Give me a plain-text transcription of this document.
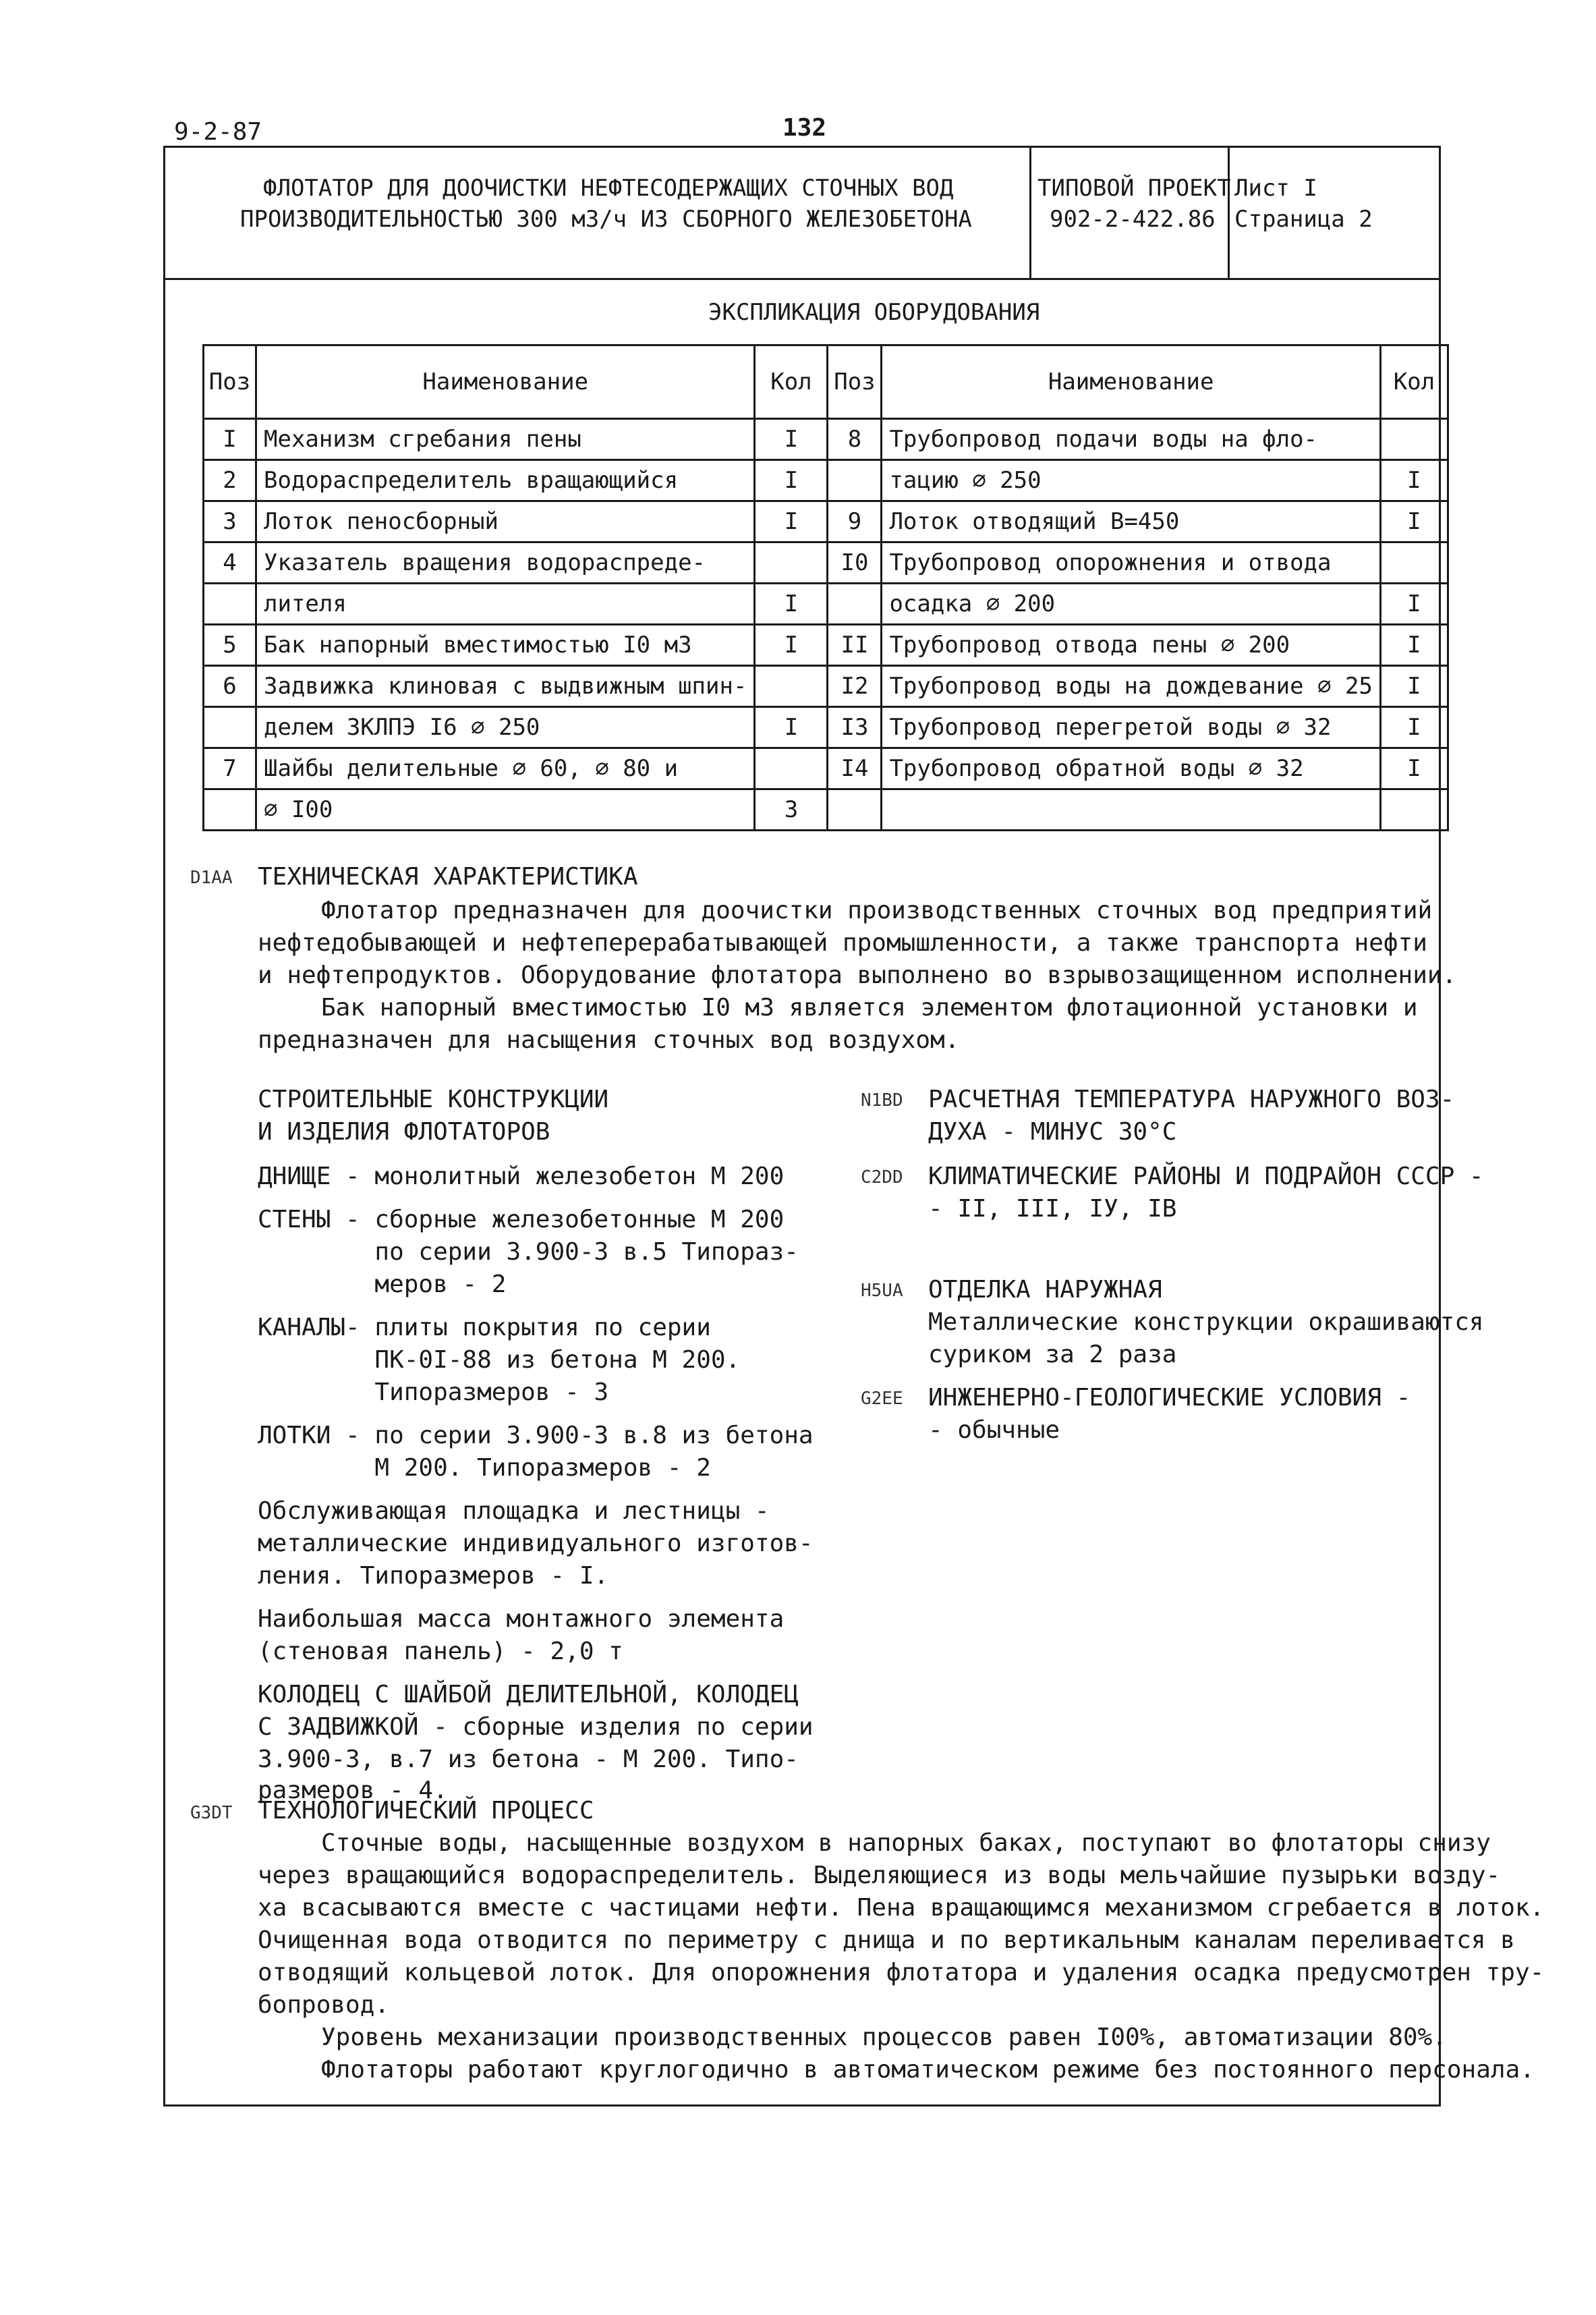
9-2-87	132
ФЛОТАТОР ДЛЯ ДООЧИСТКИ НЕФТЕСОДЕРЖАЩИХ СТОЧНЫХ ВОД
ПРОИЗВОДИТЕЛЬНОСТЬЮ 300 м3/ч ИЗ СБОРНОГО ЖЕЛЕЗОБЕТОНА
ТИПОВОЙ ПРОЕКТ
902-2-422.86
Лист I
Страница 2
ЭКСПЛИКАЦИЯ ОБОРУДОВАНИЯ
Поз	Наименование	Кол	Поз	Наименование	Кол
I	Механизм сгребания пены	I	8	Трубопровод подачи воды на фло-	
2	Водораспределитель вращающийся	I		тацию ∅ 250	I
3	Лоток пеносборный	I	9	Лоток отводящий В=450	I
4	Указатель вращения водораспреде-		I0	Трубопровод опорожнения и отвода	
	лителя	I		осадка ∅ 200	I
5	Бак напорный вместимостью I0 м3	I	II	Трубопровод отвода пены ∅ 200	I
6	Задвижка клиновая с выдвижным шпин-		I2	Трубопровод воды на дождевание ∅ 25	I
	делем ЗКЛПЭ I6 ∅ 250	I	I3	Трубопровод перегретой воды ∅ 32	I
7	Шайбы делительные ∅ 60, ∅ 80 и		I4	Трубопровод обратной воды ∅ 32	I
	∅ I00	3			
D1AA ТЕХНИЧЕСКАЯ ХАРАКТЕРИСТИКА
Флотатор предназначен для доочистки производственных сточных вод предприятий
нефтедобывающей и нефтеперерабатывающей промышленности, а также транспорта нефти
и нефтепродуктов. Оборудование флотатора выполнено во взрывозащищенном исполнении.
Бак напорный вместимостью I0 м3 является элементом флотационной установки и
предназначен для насыщения сточных вод воздухом.
СТРОИТЕЛЬНЫЕ КОНСТРУКЦИИ
И ИЗДЕЛИЯ ФЛОТАТОРОВ
ДНИЩЕ - монолитный железобетон М 200
СТЕНЫ - сборные железобетонные М 200
по серии 3.900-3 в.5 Типораз-
меров - 2
КАНАЛЫ- плиты покрытия по серии
ПК-0I-88 из бетона М 200.
Типоразмеров - 3
ЛОТКИ - по серии 3.900-3 в.8 из бетона
М 200. Типоразмеров - 2
Обслуживающая площадка и лестницы -
металлические индивидуального изготов-
ления. Типоразмеров - I.
Наибольшая масса монтажного элемента
(стеновая панель) - 2,0 т
КОЛОДЕЦ С ШАЙБОЙ ДЕЛИТЕЛЬНОЙ, КОЛОДЕЦ
С ЗАДВИЖКОЙ - сборные изделия по серии
3.900-3, в.7 из бетона - М 200. Типо-
размеров - 4.
N1BD РАСЧЕТНАЯ ТЕМПЕРАТУРА НАРУЖНОГО ВОЗ-
ДУХА - МИНУС 30°С
C2DD КЛИМАТИЧЕСКИЕ РАЙОНЫ И ПОДРАЙОН СССР -
- II, III, IУ, IВ
H5UA ОТДЕЛКА НАРУЖНАЯ
Металлические конструкции окрашиваются
суриком за 2 раза
G2EE ИНЖЕНЕРНО-ГЕОЛОГИЧЕСКИЕ УСЛОВИЯ -
- обычные
G3DT ТЕХНОЛОГИЧЕСКИЙ ПРОЦЕСС
Сточные воды, насыщенные воздухом в напорных баках, поступают во флотаторы снизу
через вращающийся водораспределитель. Выделяющиеся из воды мельчайшие пузырьки возду-
ха всасываются вместе с частицами нефти. Пена вращающимся механизмом сгребается в лоток.
Очищенная вода отводится по периметру с днища и по вертикальным каналам переливается в
отводящий кольцевой лоток. Для опорожнения флотатора и удаления осадка предусмотрен тру-
бопровод.
Уровень механизации производственных процессов равен I00%, автоматизации 80%.
Флотаторы работают круглогодично в автоматическом режиме без постоянного персонала.
